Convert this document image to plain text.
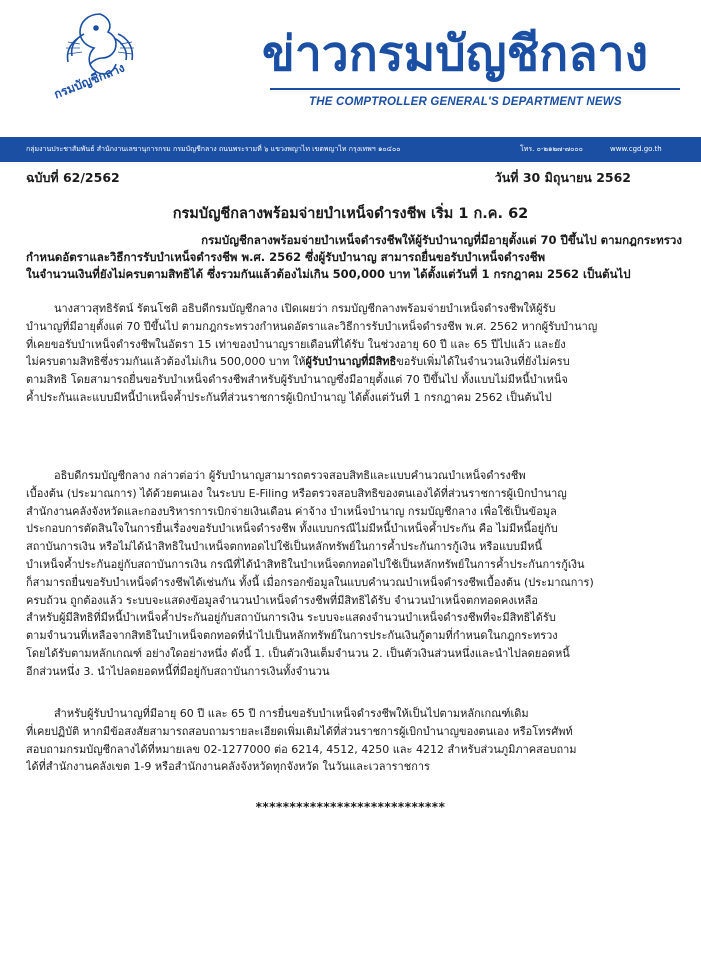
กรมบัญชีกลาง	ข่าวกรมบัญชีกลาง
THE COMPTROLLER GENERAL'S DEPARTMENT NEWS
กลุ่มงานประชาสัมพันธ์ สำนักงานเลขานุการกรม กรมบัญชีกลาง ถนนพระรามที่ ๖ แขวงพญาไท เขตพญาไท กรุงเทพฯ ๑๐๔๐๐	โทร. ๐-๒๑๒๗-๗๐๐๐	www.cgd.go.th
ฉบับที่ 62/2562	วันที่ 30 มิถุนายน 2562
กรมบัญชีกลางพร้อมจ่ายบำเหน็จดำรงชีพ เริ่ม 1 ก.ค. 62
กรมบัญชีกลางพร้อมจ่ายบำเหน็จดำรงชีพให้ผู้รับบำนาญที่มีอายุตั้งแต่ 70 ปีขึ้นไป ตามกฎกระทรวง
กำหนดอัตราและวิธีการรับบำเหน็จดำรงชีพ พ.ศ. 2562 ซึ่งผู้รับบำนาญ สามารถยื่นขอรับบำเหน็จดำรงชีพ
ในจำนวนเงินที่ยังไม่ครบตามสิทธิได้ ซึ่งรวมกันแล้วต้องไม่เกิน 500,000 บาท ได้ตั้งแต่วันที่ 1 กรกฎาคม 2562 เป็นต้นไป
นางสาวสุทธิรัตน์ รัตนโชติ อธิบดีกรมบัญชีกลาง เปิดเผยว่า กรมบัญชีกลางพร้อมจ่ายบำเหน็จดำรงชีพให้ผู้รับ
บำนาญที่มีอายุตั้งแต่ 70 ปีขึ้นไป ตามกฎกระทรวงกำหนดอัตราและวิธีการรับบำเหน็จดำรงชีพ พ.ศ. 2562 หากผู้รับบำนาญ
ที่เคยขอรับบำเหน็จดำรงชีพในอัตรา 15 เท่าของบำนาญรายเดือนที่ได้รับ ในช่วงอายุ 60 ปี และ 65 ปีไปแล้ว และยัง
ไม่ครบตามสิทธิซึ่งรวมกันแล้วต้องไม่เกิน 500,000 บาท ให้ผู้รับบำนาญที่มีสิทธิขอรับเพิ่มได้ในจำนวนเงินที่ยังไม่ครบ
ตามสิทธิ โดยสามารถยื่นขอรับบำเหน็จดำรงชีพสำหรับผู้รับบำนาญซึ่งมีอายุตั้งแต่ 70 ปีขึ้นไป ทั้งแบบไม่มีหนี้บำเหน็จ
ค้ำประกันและแบบมีหนี้บำเหน็จค้ำประกันที่ส่วนราชการผู้เบิกบำนาญ ได้ตั้งแต่วันที่ 1 กรกฎาคม 2562 เป็นต้นไป
อธิบดีกรมบัญชีกลาง กล่าวต่อว่า ผู้รับบำนาญสามารถตรวจสอบสิทธิและแบบคำนวณบำเหน็จดำรงชีพ
เบื้องต้น (ประมาณการ) ได้ด้วยตนเอง ในระบบ E-Filing หรือตรวจสอบสิทธิของตนเองได้ที่ส่วนราชการผู้เบิกบำนาญ
สำนักงานคลังจังหวัดและกองบริหารการเบิกจ่ายเงินเดือน ค่าจ้าง บำเหน็จบำนาญ กรมบัญชีกลาง เพื่อใช้เป็นข้อมูล
ประกอบการตัดสินใจในการยื่นเรื่องขอรับบำเหน็จดำรงชีพ ทั้งแบบกรณีไม่มีหนี้บำเหน็จค้ำประกัน คือ ไม่มีหนี้อยู่กับ
สถาบันการเงิน หรือไม่ได้นำสิทธิในบำเหน็จตกทอดไปใช้เป็นหลักทรัพย์ในการค้ำประกันการกู้เงิน หรือแบบมีหนี้
บำเหน็จค้ำประกันอยู่กับสถาบันการเงิน กรณีที่ได้นำสิทธิในบำเหน็จตกทอดไปใช้เป็นหลักทรัพย์ในการค้ำประกันการกู้เงิน
ก็สามารถยื่นขอรับบำเหน็จดำรงชีพได้เช่นกัน ทั้งนี้ เมื่อกรอกข้อมูลในแบบคำนวณบำเหน็จดำรงชีพเบื้องต้น (ประมาณการ)
ครบถ้วน ถูกต้องแล้ว ระบบจะแสดงข้อมูลจำนวนบำเหน็จดำรงชีพที่มีสิทธิได้รับ จำนวนบำเหน็จตกทอดคงเหลือ
สำหรับผู้มีสิทธิที่มีหนี้บำเหน็จค้ำประกันอยู่กับสถาบันการเงิน ระบบจะแสดงจำนวนบำเหน็จดำรงชีพที่จะมีสิทธิได้รับ
ตามจำนวนที่เหลือจากสิทธิในบำเหน็จตกทอดที่นำไปเป็นหลักทรัพย์ในการประกันเงินกู้ตามที่กำหนดในกฎกระทรวง
โดยได้รับตามหลักเกณฑ์ อย่างใดอย่างหนึ่ง ดังนี้ 1. เป็นตัวเงินเต็มจำนวน 2. เป็นตัวเงินส่วนหนึ่งและนำไปลดยอดหนี้
อีกส่วนหนึ่ง 3. นำไปลดยอดหนี้ที่มีอยู่กับสถาบันการเงินทั้งจำนวน
สำหรับผู้รับบำนาญที่มีอายุ 60 ปี และ 65 ปี การยื่นขอรับบำเหน็จดำรงชีพให้เป็นไปตามหลักเกณฑ์เดิม
ที่เคยปฏิบัติ หากมีข้อสงสัยสามารถสอบถามรายละเอียดเพิ่มเติมได้ที่ส่วนราชการผู้เบิกบำนาญของตนเอง หรือโทรศัพท์
สอบถามกรมบัญชีกลางได้ที่หมายเลข 02-1277000 ต่อ 6214, 4512, 4250 และ 4212 สำหรับส่วนภูมิภาคสอบถาม
ได้ที่สำนักงานคลังเขต 1-9 หรือสำนักงานคลังจังหวัดทุกจังหวัด ในวันและเวลาราชการ
****************************
